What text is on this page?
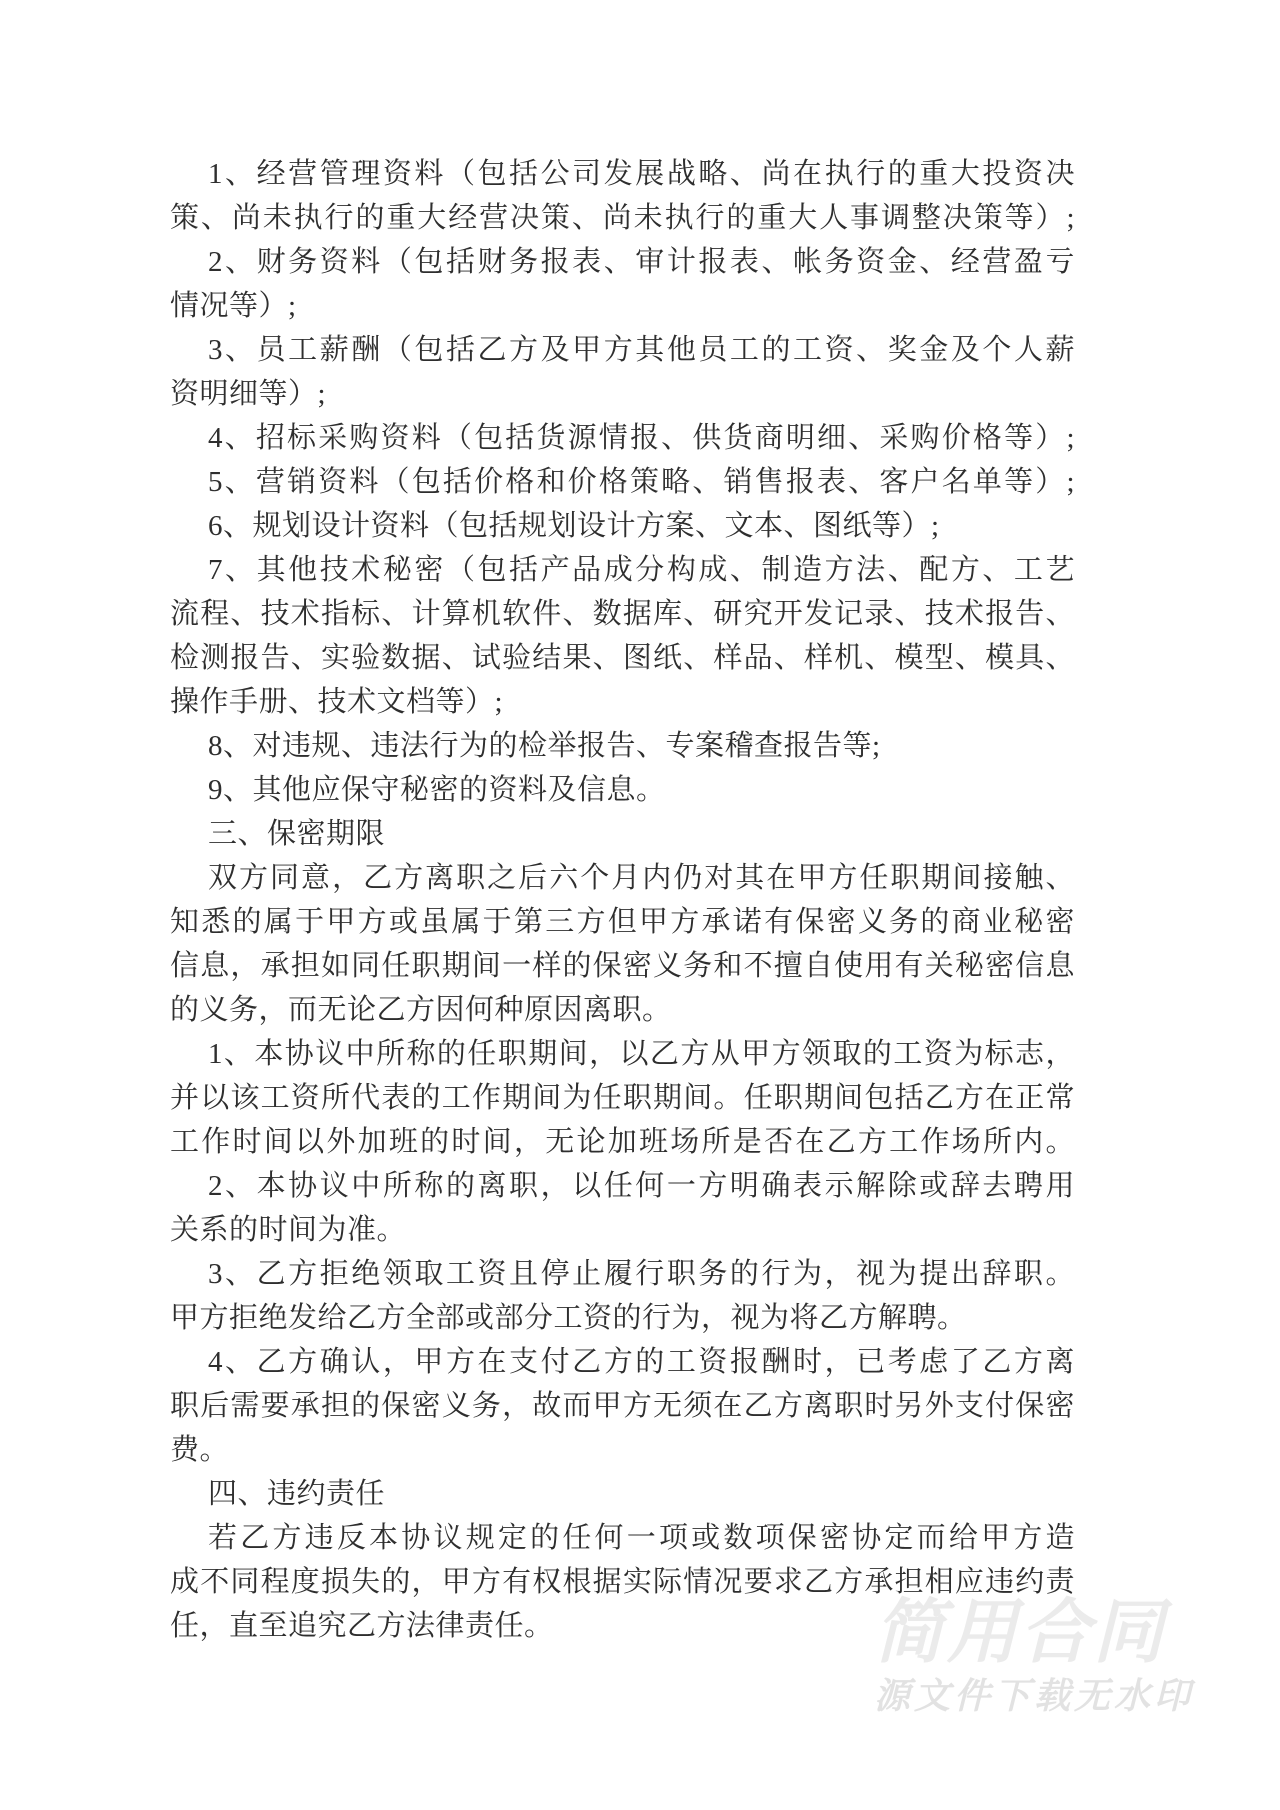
简用合同
源文件下载无水印
1、经营管理资料（包括公司发展战略、尚在执行的重大投资决
策、尚未执行的重大经营决策、尚未执行的重大人事调整决策等）;
2、财务资料（包括财务报表、审计报表、帐务资金、经营盈亏
情况等）;
3、员工薪酬（包括乙方及甲方其他员工的工资、奖金及个人薪
资明细等）;
4、招标采购资料（包括货源情报、供货商明细、采购价格等）;
5、营销资料（包括价格和价格策略、销售报表、客户名单等）;
6、规划设计资料（包括规划设计方案、文本、图纸等）;
7、其他技术秘密（包括产品成分构成、制造方法、配方、工艺
流程、技术指标、计算机软件、数据库、研究开发记录、技术报告、
检测报告、实验数据、试验结果、图纸、样品、样机、模型、模具、
操作手册、技术文档等）;
8、对违规、违法行为的检举报告、专案稽查报告等;
9、其他应保守秘密的资料及信息。
三、保密期限
双方同意，乙方离职之后六个月内仍对其在甲方任职期间接触、
知悉的属于甲方或虽属于第三方但甲方承诺有保密义务的商业秘密
信息，承担如同任职期间一样的保密义务和不擅自使用有关秘密信息
的义务，而无论乙方因何种原因离职。
1、本协议中所称的任职期间，以乙方从甲方领取的工资为标志，
并以该工资所代表的工作期间为任职期间。任职期间包括乙方在正常
工作时间以外加班的时间，无论加班场所是否在乙方工作场所内。
2、本协议中所称的离职，以任何一方明确表示解除或辞去聘用
关系的时间为准。
3、乙方拒绝领取工资且停止履行职务的行为，视为提出辞职。
甲方拒绝发给乙方全部或部分工资的行为，视为将乙方解聘。
4、乙方确认，甲方在支付乙方的工资报酬时，已考虑了乙方离
职后需要承担的保密义务，故而甲方无须在乙方离职时另外支付保密
费。
四、违约责任
若乙方违反本协议规定的任何一项或数项保密协定而给甲方造
成不同程度损失的，甲方有权根据实际情况要求乙方承担相应违约责
任，直至追究乙方法律责任。
